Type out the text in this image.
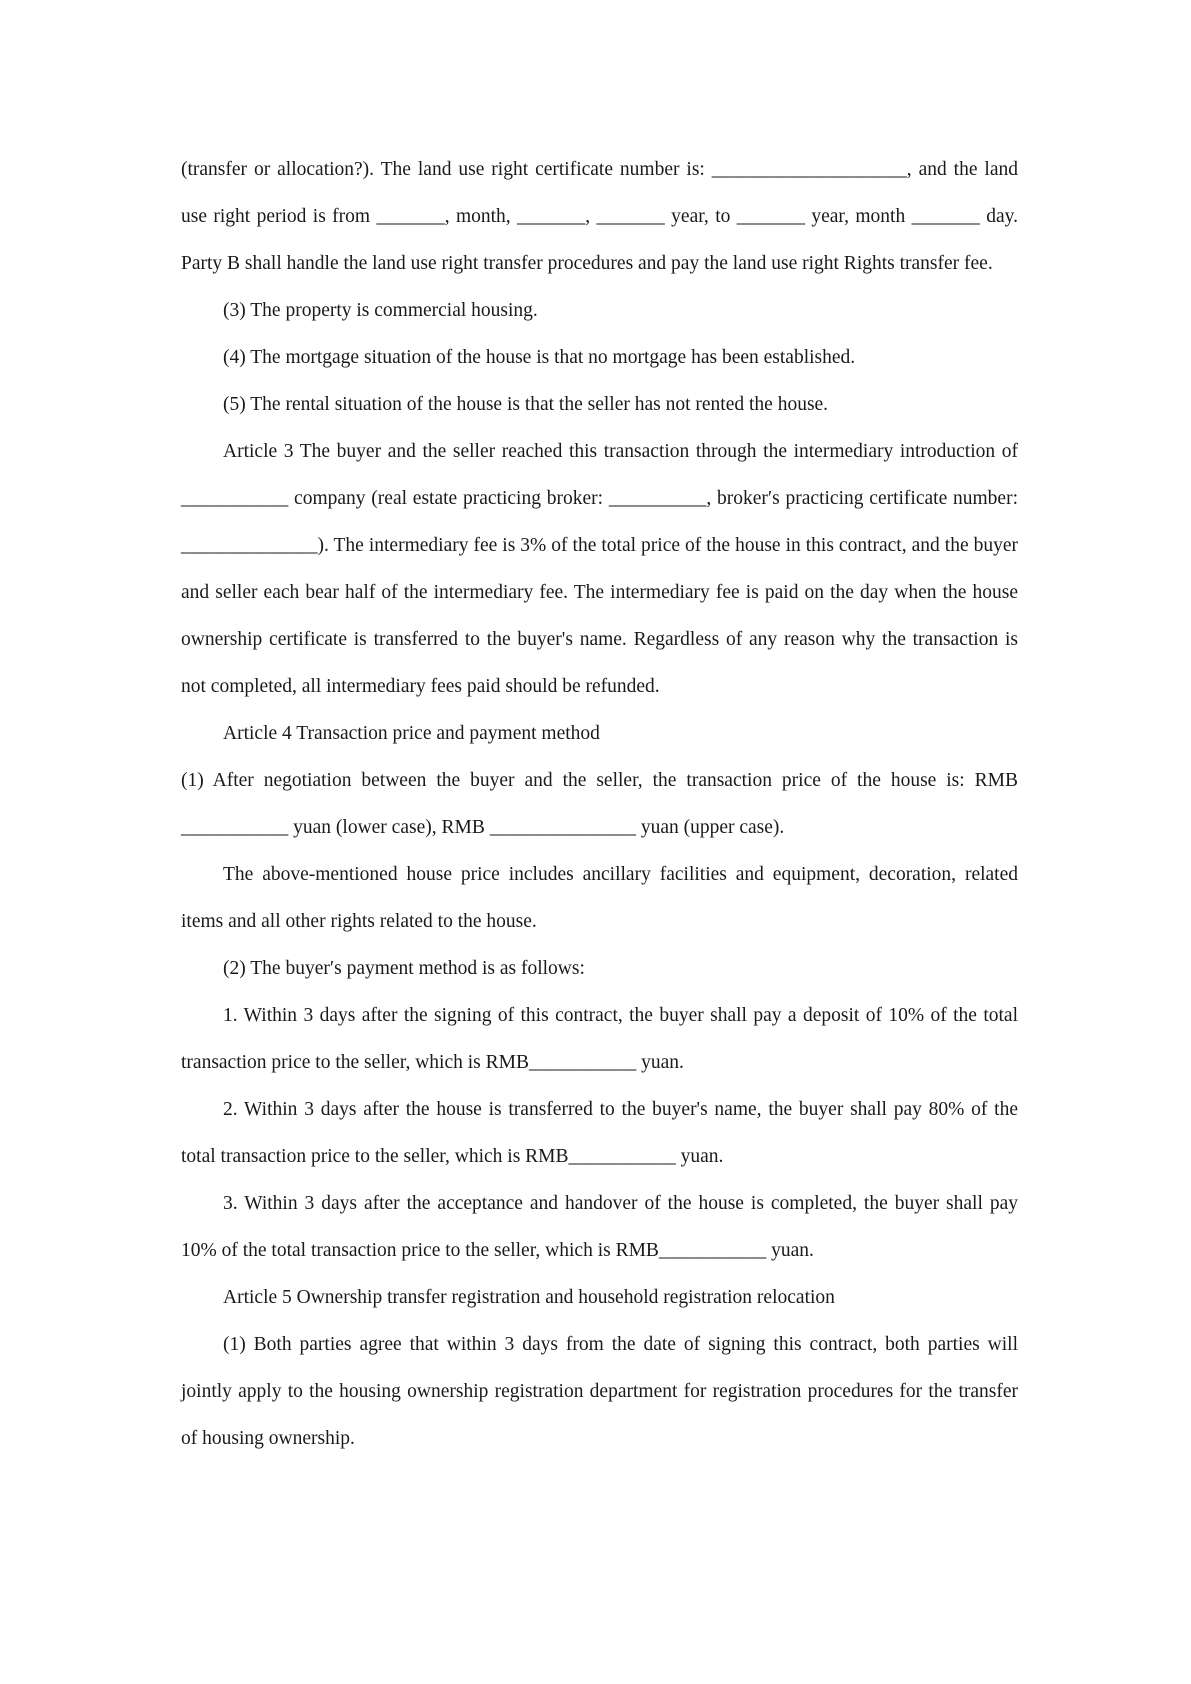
(transfer or allocation?). The land use right certificate number is: ____________________, and the land use right period is from _______, month, _______, _______ year, to _______ year, month _______ day. Party B shall handle the land use right transfer procedures and pay the land use right Rights transfer fee.

(3) The property is commercial housing.

(4) The mortgage situation of the house is that no mortgage has been established.

(5) The rental situation of the house is that the seller has not rented the house.

Article 3 The buyer and the seller reached this transaction through the intermediary introduction of ___________ company (real estate practicing broker: __________, broker′s practicing certificate number: ______________). The intermediary fee is 3% of the total price of the house in this contract, and the buyer and seller each bear half of the intermediary fee. The intermediary fee is paid on the day when the house ownership certificate is transferred to the buyer's name. Regardless of any reason why the transaction is not completed, all intermediary fees paid should be refunded.

Article 4 Transaction price and payment method

(1) After negotiation between the buyer and the seller, the transaction price of the house is: RMB ___________ yuan (lower case), RMB _______________ yuan (upper case).

The above-mentioned house price includes ancillary facilities and equipment, decoration, related items and all other rights related to the house.

(2) The buyer′s payment method is as follows:

1. Within 3 days after the signing of this contract, the buyer shall pay a deposit of 10% of the total transaction price to the seller, which is RMB___________ yuan.

2. Within 3 days after the house is transferred to the buyer's name, the buyer shall pay 80% of the total transaction price to the seller, which is RMB___________ yuan.

3. Within 3 days after the acceptance and handover of the house is completed, the buyer shall pay 10% of the total transaction price to the seller, which is RMB___________ yuan.

Article 5 Ownership transfer registration and household registration relocation

(1) Both parties agree that within 3 days from the date of signing this contract, both parties will jointly apply to the housing ownership registration department for registration procedures for the transfer of housing ownership.
